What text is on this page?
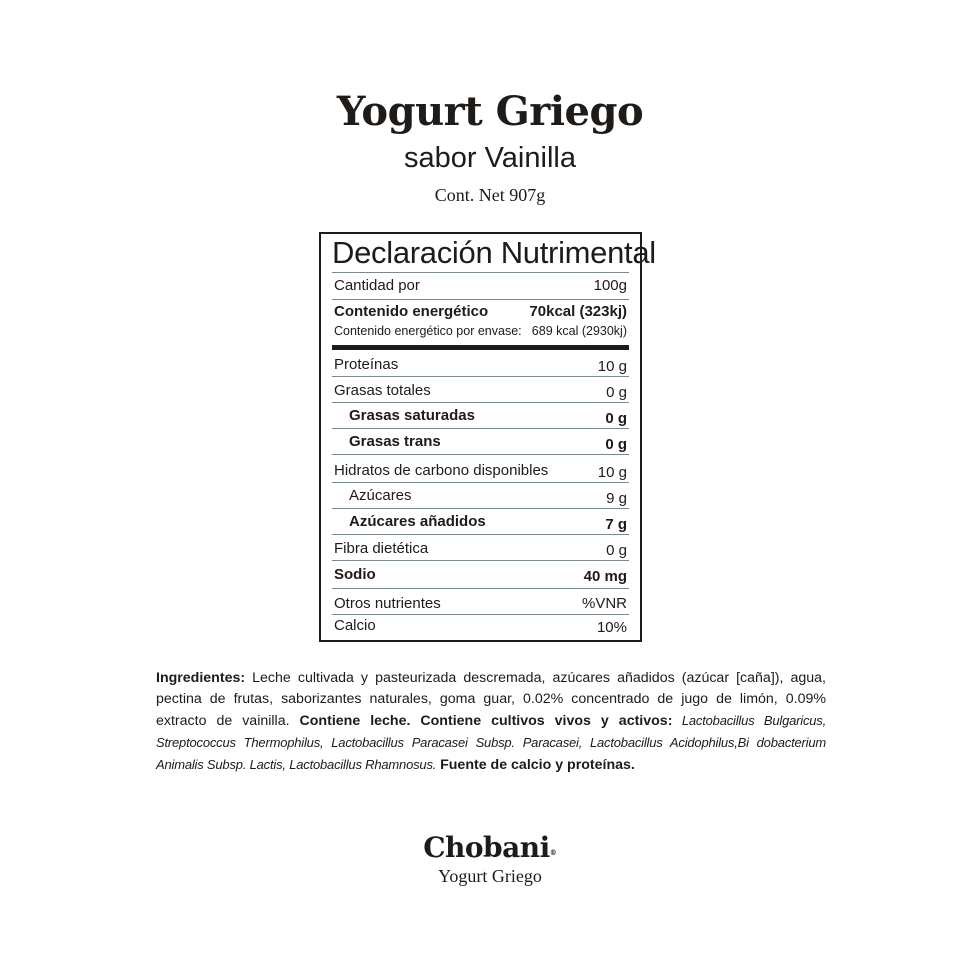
Yogurt Griego
sabor Vainilla
Cont. Net 907g
Declaración Nutrimental
Cantidad por	100g
Contenido energético	70kcal (323kj)
Contenido energético por envase: 689 kcal (2930kj)
Proteínas	10 g
Grasas totales	0 g
Grasas saturadas	0 g
Grasas trans	0 g
Hidratos de carbono disponibles	10 g
Azúcares	9 g
Azúcares añadidos	7 g
Fibra dietética	0 g
Sodio	40 mg
Otros nutrientes	%VNR
Calcio	10%
Ingredientes: Leche cultivada y pasteurizada descremada, azúcares añadidos (azúcar [caña]), agua, pectina de frutas, saborizantes naturales, goma guar, 0.02% concentrado de jugo de limón, 0.09% extracto de vainilla. Contiene leche. Contiene cultivos vivos y activos: Lactobacillus Bulgaricus, Streptococcus Thermophilus, Lactobacillus Paracasei Subsp. Paracasei, Lactobacillus Acidophilus,Bi dobacterium Animalis Subsp. Lactis, Lactobacillus Rhamnosus. Fuente de calcio y proteínas.
Chobani®
Yogurt Griego
